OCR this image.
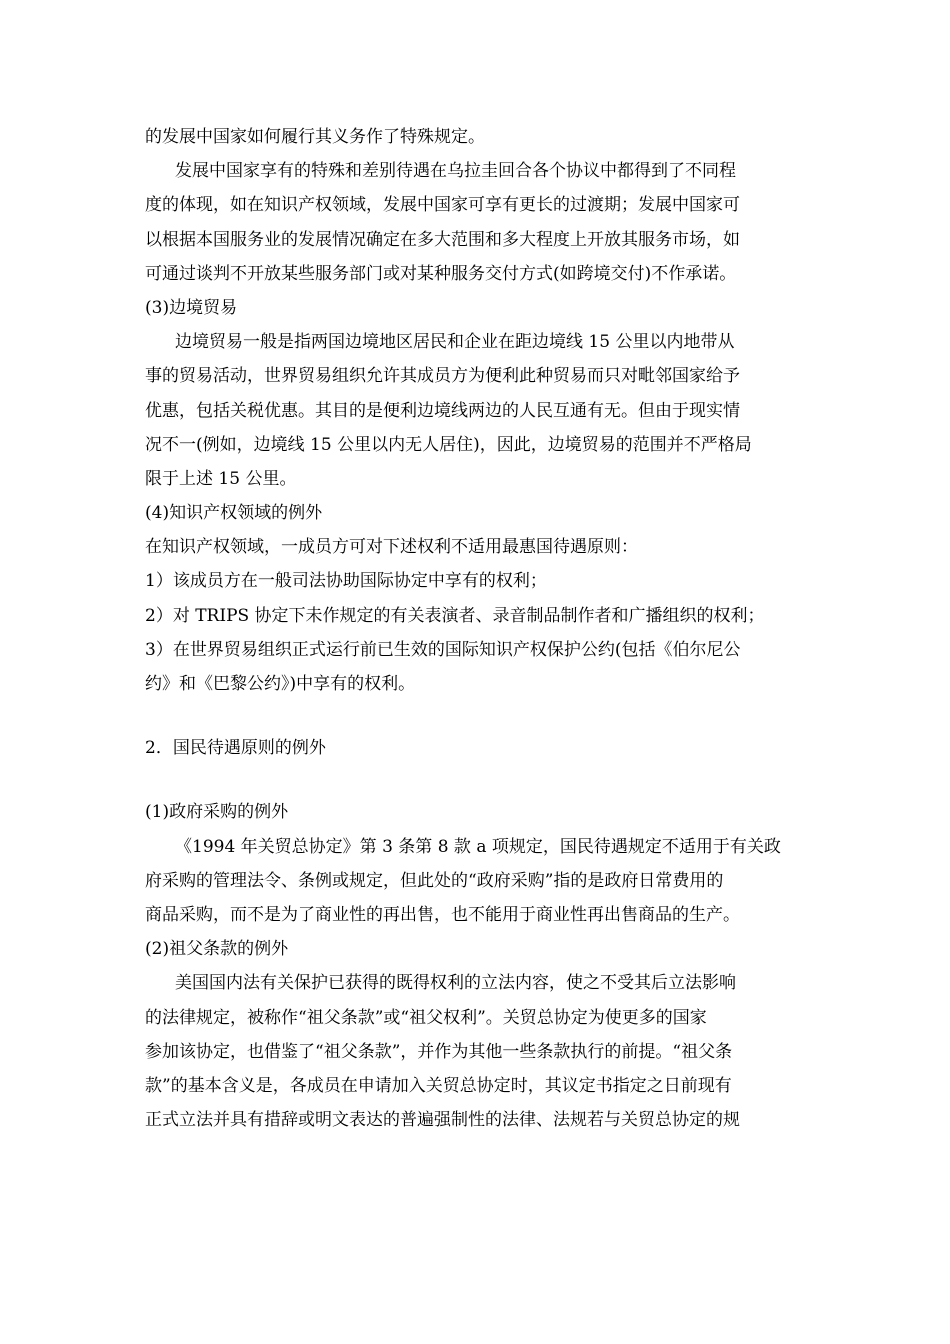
的发展中国家如何履行其义务作了特殊规定。
发展中国家享有的特殊和差别待遇在乌拉圭回合各个协议中都得到了不同程
度的体现，如在知识产权领域，发展中国家可享有更长的过渡期；发展中国家可
以根据本国服务业的发展情况确定在多大范围和多大程度上开放其服务市场，如
可通过谈判不开放某些服务部门或对某种服务交付方式(如跨境交付)不作承诺。
(3)边境贸易
边境贸易一般是指两国边境地区居民和企业在距边境线 15 公里以内地带从
事的贸易活动，世界贸易组织允许其成员方为便利此种贸易而只对毗邻国家给予
优惠，包括关税优惠。其目的是便利边境线两边的人民互通有无。但由于现实情
况不一(例如，边境线 15 公里以内无人居住)，因此，边境贸易的范围并不严格局
限于上述 15 公里。
(4)知识产权领域的例外
在知识产权领域，一成员方可对下述权利不适用最惠国待遇原则：
1）该成员方在一般司法协助国际协定中享有的权利；
2）对 TRIPS 协定下未作规定的有关表演者、录音制品制作者和广播组织的权利；
3）在世界贸易组织正式运行前已生效的国际知识产权保护公约(包括《伯尔尼公
约》和《巴黎公约》)中享有的权利。
2．国民待遇原则的例外
(1)政府采购的例外
《1994 年关贸总协定》第 3 条第 8 款 a 项规定，国民待遇规定不适用于有关政
府采购的管理法令、条例或规定，但此处的“政府采购”指的是政府日常费用的
商品采购，而不是为了商业性的再出售，也不能用于商业性再出售商品的生产。
(2)祖父条款的例外
美国国内法有关保护已获得的既得权利的立法内容，使之不受其后立法影响
的法律规定，被称作“祖父条款”或“祖父权利”。关贸总协定为使更多的国家
参加该协定，也借鉴了“祖父条款”，并作为其他一些条款执行的前提。“祖父条
款”的基本含义是，各成员在申请加入关贸总协定时，其议定书指定之日前现有
正式立法并具有措辞或明文表达的普遍强制性的法律、法规若与关贸总协定的规
